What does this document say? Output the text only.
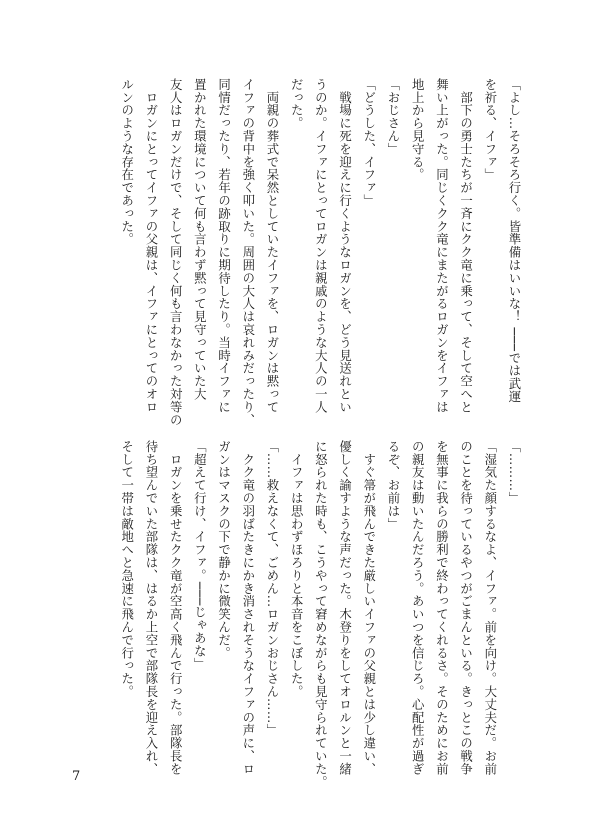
「よし…そろそろ行く。皆準備はいいな！ ───では武運
を祈る、イファ」
　部下の勇士たちが一斉にクク竜に乗って、そして空へと
舞い上がった。同じくクク竜にまたがるロガンをイファは
地上から見守る。
「おじさん」
「どうした、イファ」
　戦場に死を迎えに行くようなロガンを、どう見送れとい
うのか。イファにとってロガンは親戚のような大人の一人
だった。
　両親の葬式で呆然としていたイファを、ロガンは黙って
イファの背中を強く叩いた。周囲の大人は哀れみだったり、
同情だったり、若年の跡取りに期待したり。当時イファに
置かれた環境について何も言わず黙って見守っていた大
友人はロガンだけで、そして同じく何も言わなかった対等の
　ロガンにとってイファの父親は、イファにとってのオロ
ルンのような存在であった。
「………」
「湿気た顔するなよ、イファ。前を向け。大丈夫だ。お前
のことを待っているやつがごまんといる。きっとこの戦争
を無事に我らの勝利で終わってくれるさ。そのためにお前
の親友は動いたんだろう。あいつを信じろ。心配性が過ぎ
るぞ、お前は」
　すぐ箒が飛んできた厳しいイファの父親とは少し違い、
優しく諭すような声だった。木登りをしてオロルンと一緒
に怒られた時も、こうやって窘めながらも見守られていた。
　イファは思わずほろりと本音をこぼした。
「……救えなくて、ごめん…ロガンおじさん……」
　クク竜の羽ばたきにかき消されそうなイファの声に、ロ
ガンはマスクの下で静かに微笑んだ。
「超えて行け、イファ。───じゃあな」
　ロガンを乗せたクク竜が空高く飛んで行った。部隊長を
待ち望んでいた部隊は、はるか上空で部隊長を迎え入れ、
そして一帯は敵地へと急速に飛んで行った。
7
